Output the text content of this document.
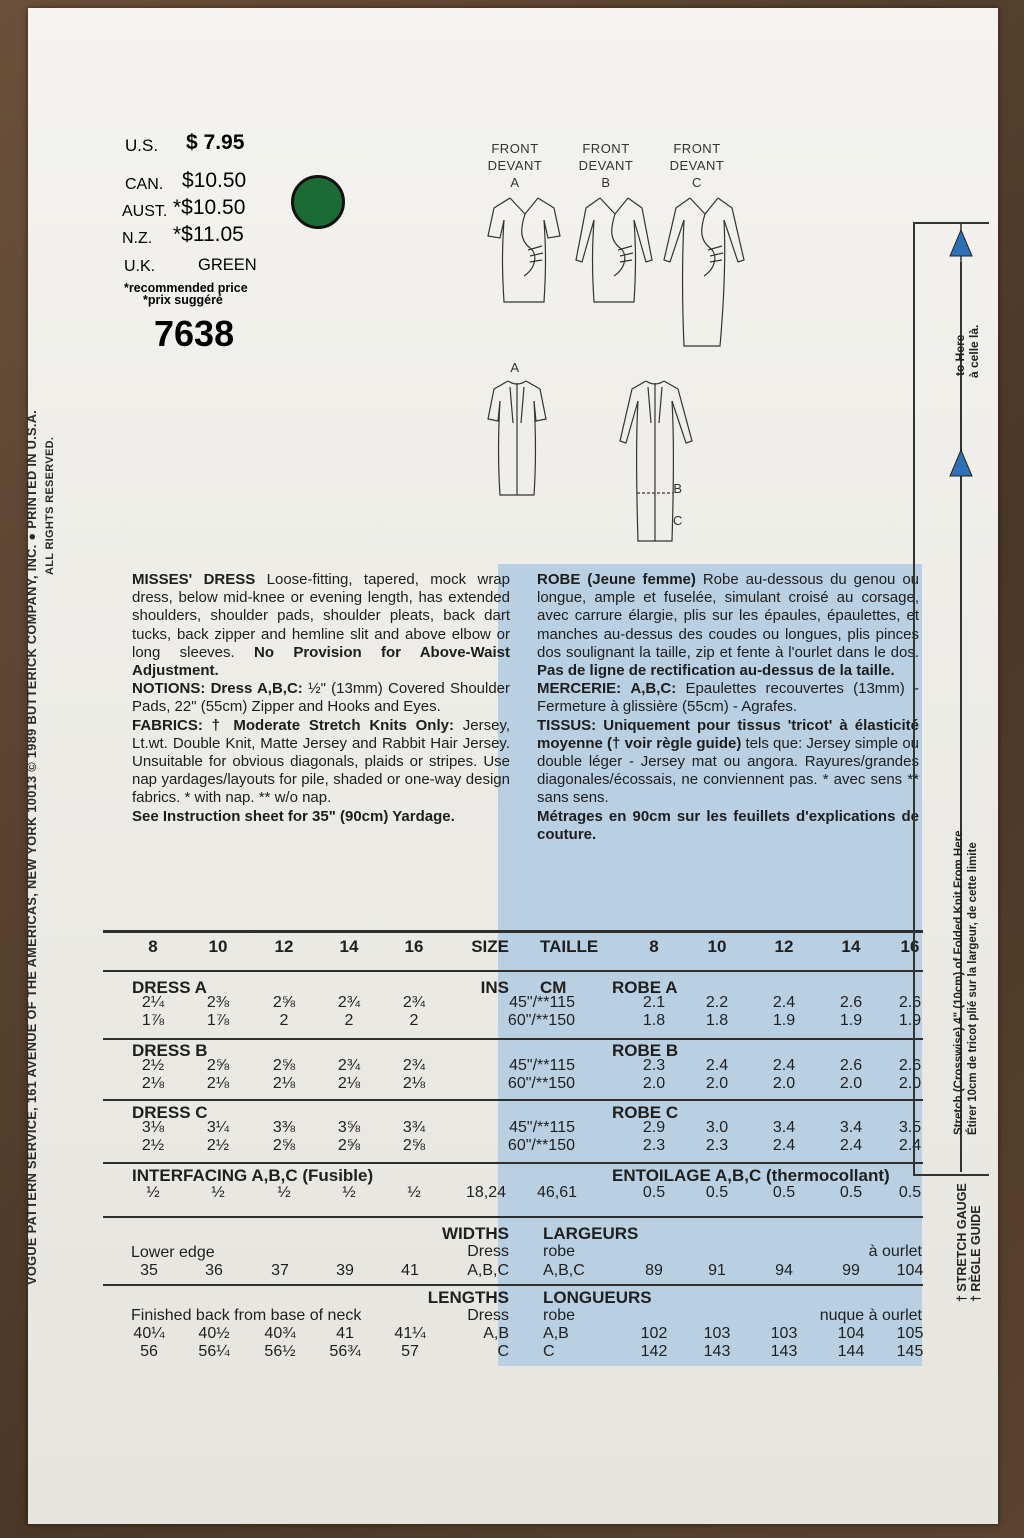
VOGUE PATTERN SERVICE, 161 AVENUE OF THE AMERICAS, NEW YORK 10013 © 1989 BUTTERICK COMPANY, INC. ● PRINTED IN U.S.A. ALL RIGHTS RESERVED.
U.S. $ 7.95
CAN. $10.50
AUST. *$10.50
N.Z. *$11.05
U.K.	GREEN
*recommended price
*prix suggéré
7638
FRONT
DEVANT
A
FRONT
DEVANT
B
FRONT
DEVANT
C
A
B
C

MISSES' DRESS Loose-fitting, tapered, mock wrap dress, below mid-knee or evening length, has extended shoulders, shoulder pads, shoulder pleats, back dart tucks, back zipper and hemline slit and above elbow or long sleeves. No Provision for Above-Waist Adjustment.

NOTIONS: Dress A,B,C: ½" (13mm) Covered Shoulder Pads, 22" (55cm) Zipper and Hooks and Eyes.

FABRICS: † Moderate Stretch Knits Only: Jersey, Lt.wt. Double Knit, Matte Jersey and Rabbit Hair Jersey. Unsuitable for obvious diagonals, plaids or stripes. Use nap yardages/layouts for pile, shaded or one-way design fabrics. * with nap. ** w/o nap.

See Instruction sheet for 35" (90cm) Yardage.

ROBE (Jeune femme) Robe au-dessous du genou ou longue, ample et fuselée, simulant croisé au corsage, avec carrure élargie, plis sur les épaules, épaulettes, et manches au-dessus des coudes ou longues, plis pinces dos soulignant la taille, zip et fente à l'ourlet dans le dos. Pas de ligne de rectification au-dessus de la taille.

MERCERIE: A,B,C: Epaulettes recouvertes (13mm) - Fermeture à glissière (55cm) - Agrafes.

TISSUS: Uniquement pour tissus 'tricot' à élasticité moyenne († voir règle guide) tels que: Jersey simple ou double léger - Jersey mat ou angora. Rayures/grandes diagonales/écossais, ne conviennent pas. * avec sens ** sans sens.

Métrages en 90cm sur les feuillets d'explications de couture.

8	10	12	14	16	SIZE TAILLE	8	10	12	14	16
DRESS A	INS CM	ROBE A
2¼	2⅜	2⅝	2¾	2¾	45"/**115	2.1	2.2	2.4	2.6	2.6
1⅞	1⅞	2	2	2	60"/**150	1.8	1.8	1.9	1.9	1.9
DRESS B	ROBE B
2½	2⅝	2⅝	2¾	2¾	45"/**115	2.3	2.4	2.4	2.6	2.6
2⅛	2⅛	2⅛	2⅛	2⅛	60"/**150	2.0	2.0	2.0	2.0	2.0
DRESS C	ROBE C
3⅛	3¼	3⅜	3⅝	3¾	45"/**115	2.9	3.0	3.4	3.4	3.5
2½	2½	2⅝	2⅝	2⅝	60"/**150	2.3	2.3	2.4	2.4	2.4
INTERFACING A,B,C (Fusible)	ENTOILAGE A,B,C (thermocollant)
½	½	½	½	½	18,24	46,61	0.5	0.5	0.5	0.5	0.5
WIDTHS LARGEURS
Lower edge	Dress robe	à ourlet
35	36	37	39	41	A,B,C A,B,C	89	91	94	99	104
LENGTHS LONGUEURS
Finished back from base of neck	Dress robe	nuque à ourlet
40¼	40½	40¾	41	41¼	A,B A,B	102	103	103	104	105
56	56¼	56½	56¾	57	C C	142	143	143	144	145
to Here à celle là.
Stretch (Crosswise) 4" (10cm) of Folded Knit From Here Étirer 10cm de tricot plié sur la largeur, de cette limite
† STRETCH GAUGE † RÈGLE GUIDE
